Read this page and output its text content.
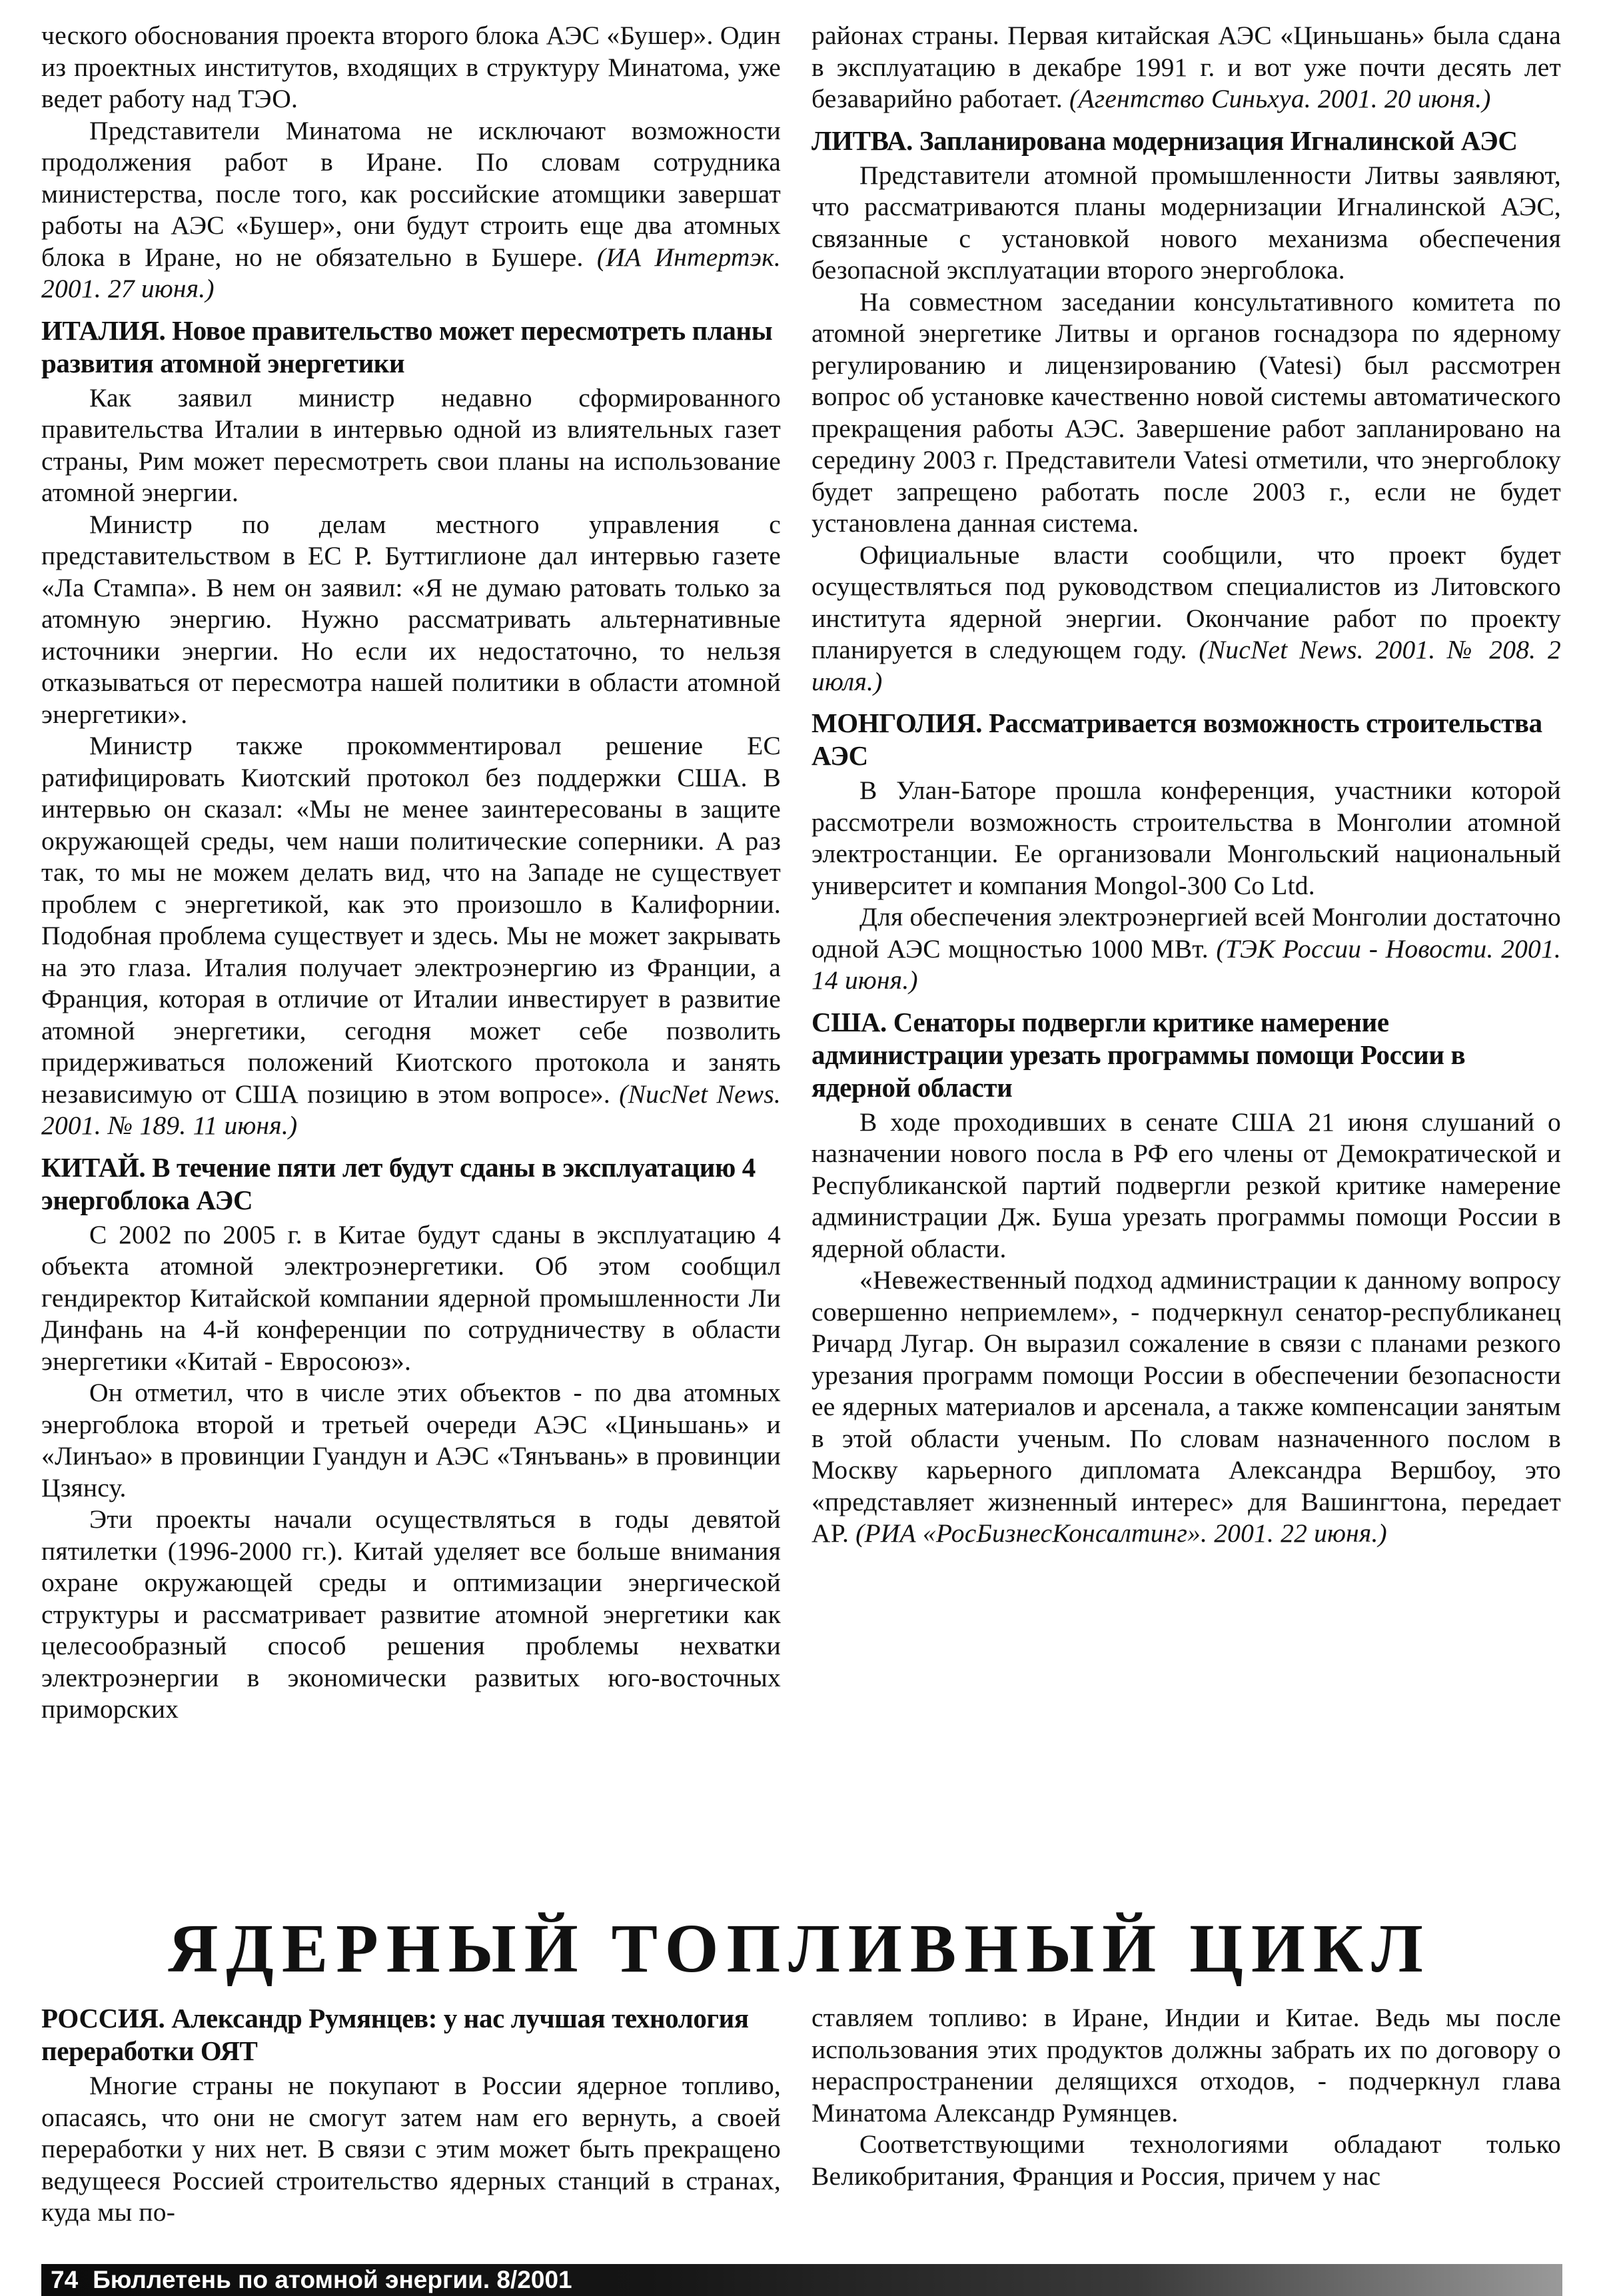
ческого обоснования проекта второго блока АЭС «Бушер». Один из проектных институтов, входящих в структуру Минатома, уже ведет работу над ТЭО.

Представители Минатома не исключают возможности продолжения работ в Иране. По словам сотрудника министерства, после того, как российские атомщики завершат работы на АЭС «Бушер», они будут строить еще два атомных блока в Иране, но не обязательно в Бушере. (ИА Интертэк. 2001. 27 июня.)

ИТАЛИЯ. Новое правительство может пересмотреть планы развития атомной энергетики

Как заявил министр недавно сформированного правительства Италии в интервью одной из влиятельных газет страны, Рим может пересмотреть свои планы на использование атомной энергии.

Министр по делам местного управления с представительством в ЕС Р. Буттиглионе дал интервью газете «Ла Стампа». В нем он заявил: «Я не думаю ратовать только за атомную энергию. Нужно рассматривать альтернативные источники энергии. Но если их недостаточно, то нельзя отказываться от пересмотра нашей политики в области атомной энергетики».

Министр также прокомментировал решение ЕС ратифицировать Киотский протокол без поддержки США. В интервью он сказал: «Мы не менее заинтересованы в защите окружающей среды, чем наши политические соперники. А раз так, то мы не можем делать вид, что на Западе не существует проблем с энергетикой, как это произошло в Калифорнии. Подобная проблема существует и здесь. Мы не может закрывать на это глаза. Италия получает электроэнергию из Франции, а Франция, которая в отличие от Италии инвестирует в развитие атомной энергетики, сегодня может себе позволить придерживаться положений Киотского протокола и занять независимую от США позицию в этом вопросе». (NucNet News. 2001. № 189. 11 июня.)

КИТАЙ. В течение пяти лет будут сданы в эксплуатацию 4 энергоблока АЭС

С 2002 по 2005 г. в Китае будут сданы в эксплуатацию 4 объекта атомной электроэнергетики. Об этом сообщил гендиректор Китайской компании ядерной промышленности Ли Динфань на 4-й конференции по сотрудничеству в области энергетики «Китай - Евросоюз».

Он отметил, что в числе этих объектов - по два атомных энергоблока второй и третьей очереди АЭС «Циньшань» и «Линъао» в провинции Гуандун и АЭС «Тянъвань» в провинции Цзянсу.

Эти проекты начали осуществляться в годы девятой пятилетки (1996-2000 гг.). Китай уделяет все больше внимания охране окружающей среды и оптимизации энергической структуры и рассматривает развитие атомной энергетики как целесообразный способ решения проблемы нехватки электроэнергии в экономически развитых юго-восточных приморских

районах страны. Первая китайская АЭС «Циньшань» была сдана в эксплуатацию в декабре 1991 г. и вот уже почти десять лет безаварийно работает. (Агентство Синьхуа. 2001. 20 июня.)

ЛИТВА. Запланирована модернизация Игналинской АЭС

Представители атомной промышленности Литвы заявляют, что рассматриваются планы модернизации Игналинской АЭС, связанные с установкой нового механизма обеспечения безопасной эксплуатации второго энергоблока.

На совместном заседании консультативного комитета по атомной энергетике Литвы и органов госнадзора по ядерному регулированию и лицензированию (Vatesi) был рассмотрен вопрос об установке качественно новой системы автоматического прекращения работы АЭС. Завершение работ запланировано на середину 2003 г. Представители Vatesi отметили, что энергоблоку будет запрещено работать после 2003 г., если не будет установлена данная система.

Официальные власти сообщили, что проект будет осуществляться под руководством специалистов из Литовского института ядерной энергии. Окончание работ по проекту планируется в следующем году. (NucNet News. 2001. № 208. 2 июля.)

МОНГОЛИЯ. Рассматривается возможность строительства АЭС

В Улан-Баторе прошла конференция, участники которой рассмотрели возможность строительства в Монголии атомной электростанции. Ее организовали Монгольский национальный университет и компания Mongol-300 Co Ltd.

Для обеспечения электроэнергией всей Монголии достаточно одной АЭС мощностью 1000 МВт. (ТЭК России - Новости. 2001. 14 июня.)

США. Сенаторы подвергли критике намерение администрации урезать программы помощи России в ядерной области

В ходе проходивших в сенате США 21 июня слушаний о назначении нового посла в РФ его члены от Демократической и Республиканской партий подвергли резкой критике намерение администрации Дж. Буша урезать программы помощи России в ядерной области.

«Невежественный подход администрации к данному вопросу совершенно неприемлем», - подчеркнул сенатор-республиканец Ричард Лугар. Он выразил сожаление в связи с планами резкого урезания программ помощи России в обеспечении безопасности ее ядерных материалов и арсенала, а также компенсации занятым в этой области ученым. По словам назначенного послом в Москву карьерного дипломата Александра Вершбоу, это «представляет жизненный интерес» для Вашингтона, передает АР. (РИА «РосБизнесКонсалтинг». 2001. 22 июня.)

ЯДЕРНЫЙ ТОПЛИВНЫЙ ЦИКЛ
РОССИЯ. Александр Румянцев: у нас лучшая технология переработки ОЯТ

Многие страны не покупают в России ядерное топливо, опасаясь, что они не смогут затем нам его вернуть, а своей переработки у них нет. В связи с этим может быть прекращено ведущееся Россией строительство ядерных станций в странах, куда мы по-

ставляем топливо: в Иране, Индии и Китае. Ведь мы после использования этих продуктов должны забрать их по договору о нераспространении делящихся отходов, - подчеркнул глава Минатома Александр Румянцев.

Соответствующими технологиями обладают только Великобритания, Франция и Россия, причем у нас

74 Бюллетень по атомной энергии. 8/2001
